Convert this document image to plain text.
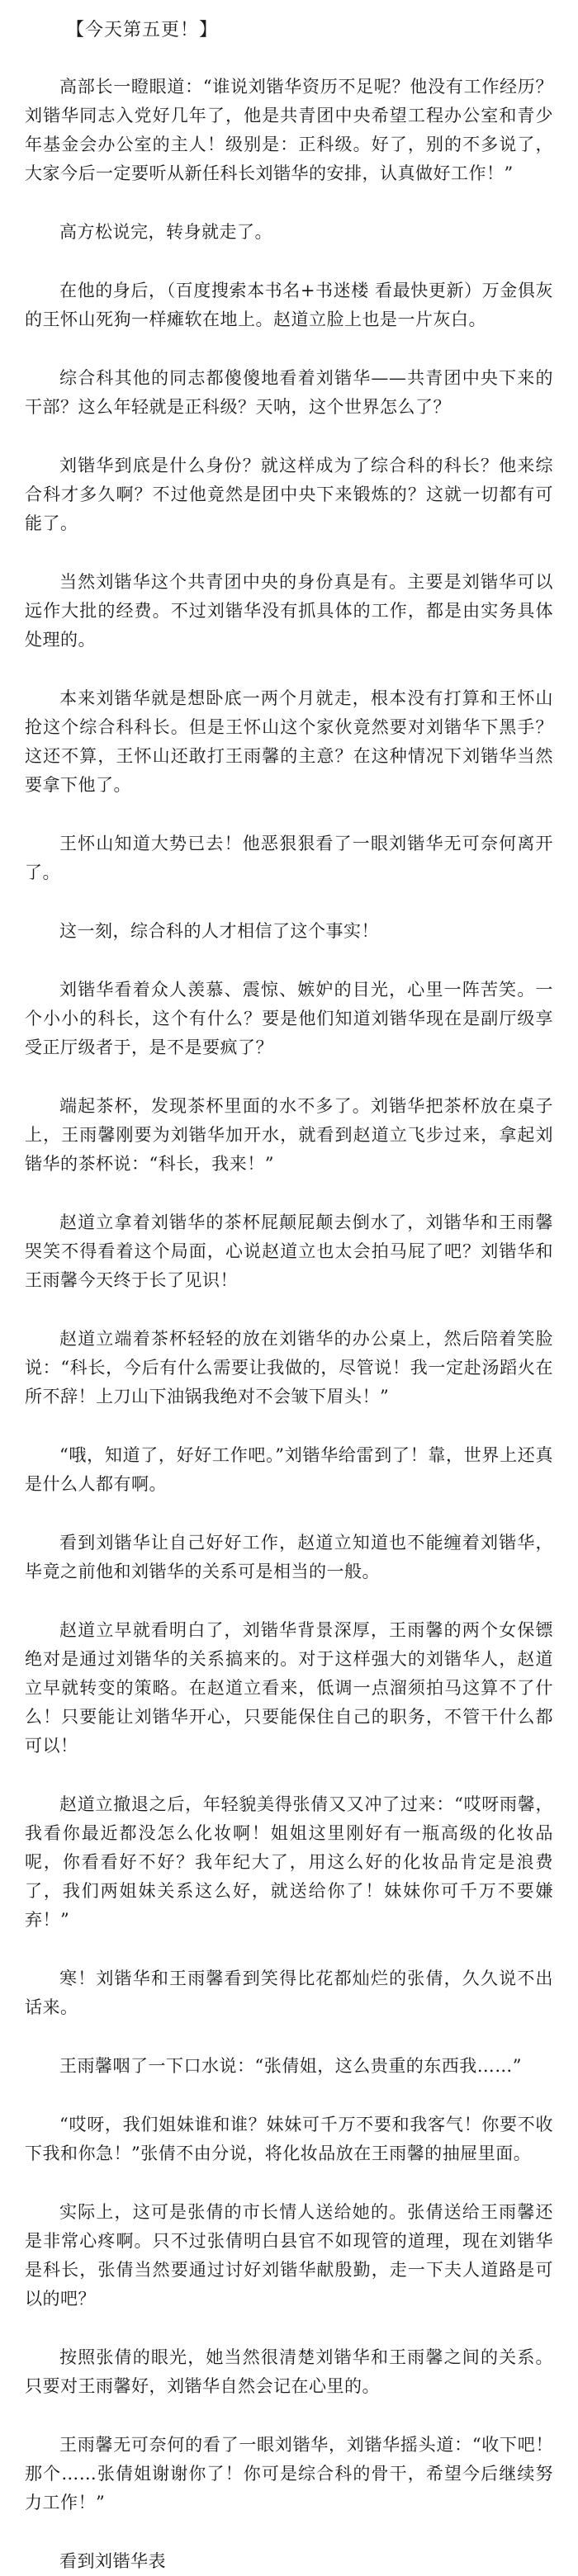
【今天第五更！】

高部长一瞪眼道：“谁说刘锴华资历不足呢？他没有工作经历？刘锴华同志入党好几年了，他是共青团中央希望工程办公室和青少年基金会办公室的主人！级别是：正科级。好了，别的不多说了，大家今后一定要听从新任科长刘锴华的安排，认真做好工作！”

高方松说完，转身就走了。

在他的身后，（百度搜索本书名+书迷楼 看最快更新）万金俱灰的王怀山死狗一样瘫软在地上。赵道立脸上也是一片灰白。

综合科其他的同志都傻傻地看着刘锴华——共青团中央下来的干部？这么年轻就是正科级？天呐，这个世界怎么了？

刘锴华到底是什么身份？就这样成为了综合科的科长？他来综合科才多久啊？不过他竟然是团中央下来锻炼的？这就一切都有可能了。

当然刘锴华这个共青团中央的身份真是有。主要是刘锴华可以远作大批的经费。不过刘锴华没有抓具体的工作，都是由实务具体处理的。

本来刘锴华就是想卧底一两个月就走，根本没有打算和王怀山抢这个综合科科长。但是王怀山这个家伙竟然要对刘锴华下黑手？这还不算，王怀山还敢打王雨馨的主意？在这种情况下刘锴华当然要拿下他了。

王怀山知道大势已去！他恶狠狠看了一眼刘锴华无可奈何离开了。

这一刻，综合科的人才相信了这个事实！

刘锴华看着众人羡慕、震惊、嫉妒的目光，心里一阵苦笑。一个小小的科长，这个有什么？要是他们知道刘锴华现在是副厅级享受正厅级者于，是不是要疯了？

端起茶杯，发现茶杯里面的水不多了。刘锴华把茶杯放在桌子上，王雨馨刚要为刘锴华加开水，就看到赵道立飞步过来，拿起刘锴华的茶杯说：“科长，我来！”

赵道立拿着刘锴华的茶杯屁颠屁颠去倒水了，刘锴华和王雨馨哭笑不得看着这个局面，心说赵道立也太会拍马屁了吧？刘锴华和王雨馨今天终于长了见识！

赵道立端着茶杯轻轻的放在刘锴华的办公桌上，然后陪着笑脸说：“科长，今后有什么需要让我做的，尽管说！我一定赴汤蹈火在所不辞！上刀山下油锅我绝对不会皱下眉头！”

“哦，知道了，好好工作吧。”刘锴华给雷到了！靠，世界上还真是什么人都有啊。

看到刘锴华让自己好好工作，赵道立知道也不能缠着刘锴华，毕竟之前他和刘锴华的关系可是相当的一般。

赵道立早就看明白了，刘锴华背景深厚，王雨馨的两个女保镖绝对是通过刘锴华的关系搞来的。对于这样强大的刘锴华人，赵道立早就转变的策略。在赵道立看来，低调一点溜须拍马这算不了什么！只要能让刘锴华开心，只要能保住自己的职务，不管干什么都可以！

赵道立撤退之后，年轻貌美得张倩又又冲了过来：“哎呀雨馨，我看你最近都没怎么化妆啊！姐姐这里刚好有一瓶高级的化妆品呢，你看看好不好？我年纪大了，用这么好的化妆品肯定是浪费了，我们两姐妹关系这么好，就送给你了！妹妹你可千万不要嫌弃！”

寒！刘锴华和王雨馨看到笑得比花都灿烂的张倩，久久说不出话来。

王雨馨咽了一下口水说：“张倩姐，这么贵重的东西我……”

“哎呀，我们姐妹谁和谁？妹妹可千万不要和我客气！你要不收下我和你急！”张倩不由分说，将化妆品放在王雨馨的抽屉里面。

实际上，这可是张倩的市长情人送给她的。张倩送给王雨馨还是非常心疼啊。只不过张倩明白县官不如现管的道理，现在刘锴华是科长，张倩当然要通过讨好刘锴华献殷勤，走一下夫人道路是可以的吧？

按照张倩的眼光，她当然很清楚刘锴华和王雨馨之间的关系。只要对王雨馨好，刘锴华自然会记在心里的。

王雨馨无可奈何的看了一眼刘锴华，刘锴华摇头道：“收下吧！那个……张倩姐谢谢你了！你可是综合科的骨干，希望今后继续努力工作！”

看到刘锴华表
